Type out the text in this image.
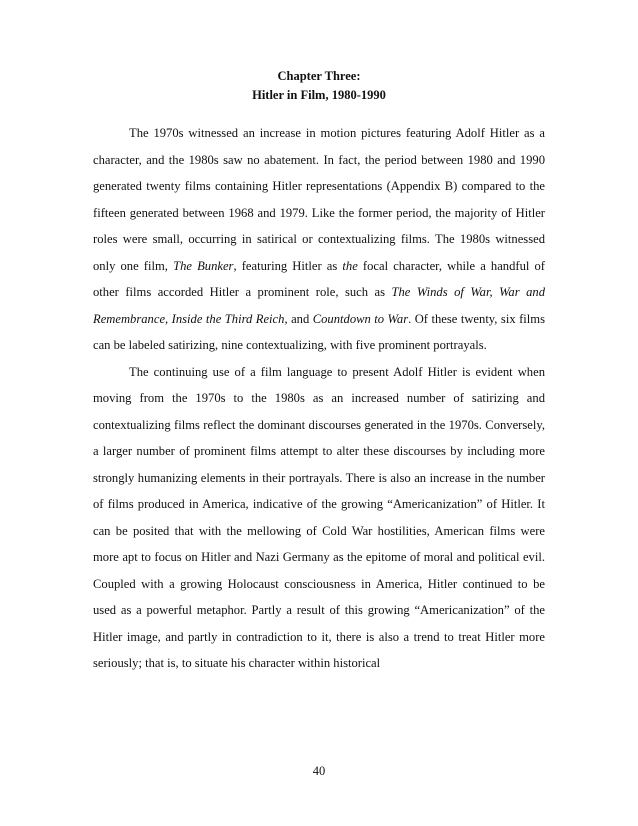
Chapter Three:
Hitler in Film, 1980-1990

The 1970s witnessed an increase in motion pictures featuring Adolf Hitler as a character, and the 1980s saw no abatement. In fact, the period between 1980 and 1990 generated twenty films containing Hitler representations (Appendix B) compared to the fifteen generated between 1968 and 1979. Like the former period, the majority of Hitler roles were small, occurring in satirical or contextualizing films. The 1980s witnessed only one film, The Bunker, featuring Hitler as the focal character, while a handful of other films accorded Hitler a prominent role, such as The Winds of War, War and Remembrance, Inside the Third Reich, and Countdown to War. Of these twenty, six films can be labeled satirizing, nine contextualizing, with five prominent portrayals.

The continuing use of a film language to present Adolf Hitler is evident when moving from the 1970s to the 1980s as an increased number of satirizing and contextualizing films reflect the dominant discourses generated in the 1970s. Conversely, a larger number of prominent films attempt to alter these discourses by including more strongly humanizing elements in their portrayals. There is also an increase in the number of films produced in America, indicative of the growing “Americanization” of Hitler. It can be posited that with the mellowing of Cold War hostilities, American films were more apt to focus on Hitler and Nazi Germany as the epitome of moral and political evil. Coupled with a growing Holocaust consciousness in America, Hitler continued to be used as a powerful metaphor. Partly a result of this growing “Americanization” of the Hitler image, and partly in contradiction to it, there is also a trend to treat Hitler more seriously; that is, to situate his character within historical

40
